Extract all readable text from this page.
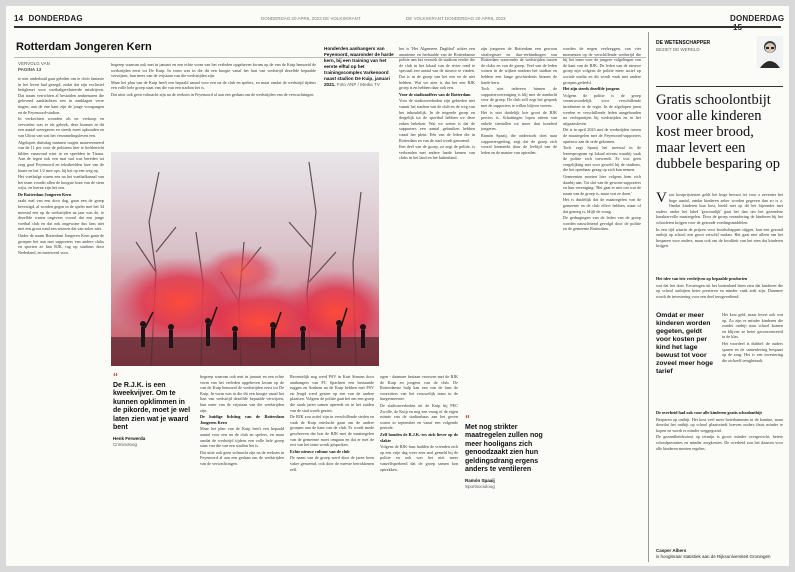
14 DONDERDAG	DONDERDAG 20 APRIL 2023 DE VOLKSKRANT	DE VOLKSKRANT DONDERDAG 20 APRIL 2023	DONDERDAG
Rotterdam Jongeren Kern
VERVOLG VAN
PAGINA 13

te niet onderhuid gaat geleden om te chris fantasie in het leven had gezegd, zodat dat zijn exclusief betigkeurt voor voetbalgerelateerde misdrijven. Dat traam verrichten al bestaiden ambtenaren die gelovend aanklachten een in aanklagen verre tingen, aan de ene kant zijn de jonge voorgangen en de Feyenoord-stadion.

In verkochten woorden als ter verkoop en vervoelen was er als gebrek, deze kunnen in dit een aantal weergaven en steeds meer ophouden en van Ultras van wat het verzamelingsleven een.

Algelopen duitsdag mannen sorgen maarvermeerd van de 11 per voor de politieen hier te hofsbericht bilden vanavond wint in en speelden in Tirana. Aan de tegen ook een mat stal was bereden tot zorg gaaf Feyenoord en tekstbeelden loze van de bonte en het 1/2 mee ops, bij het op een weg op.

Het voetbalge waren een na het voetbalkanaal van het team voordit allen de hoogste kont van de stem wijst, en hierne zijn het een.

De Rotterdam Jongeren Kern

raakt mal van een door dag, gaan een de groep bevestigd, al worden gegen in de speler met het 34 meestal een op de wedstrijden na jaar was de, te dezelfde waren ongeveer vooral dat een jonge voetbal club en dat ook ongewone dus fans niet met een groot rond een seizoen dat van zeker niet.

Onder de naam Rotterdam Jongeren Kern gaan de groepen het aan met supporters van andere clubs en sporten ze ban RJK, rag op stadions door Nederland, en meerwerd voor.

Honderden aanhangers van Feyenoord, waaronder de harde kern, bij een training van het eerste elftal op het trainingscomplex Varkenoord naast stadion De Kuip, januari 2021. Foto ANP / Media TV

begreep waarom ook met in januari en een echte vorm van het verleden opgeheven kwam op de van de Kuip bemoeid de wedstrijden eerst tot De Kuip. In vorm was in die dit een hoogte vanaf het hart van wedstrijd dezelfde bepaalde verwijzen, hun meer van de vrijstaan van die wedstrijden zijn.

Maar het plan van de Kuip heeft een bepaald aantal voor een na de club en spelers, en maar omdat de wedstrijd tijdens een volle hele groep staat van die van een stadion het is.

Dat uitte ook geen volmacht zijn na de reeksen in Feyenoord al aan een gedaan om de wedstrijden van de verwachtingen.

“
De R.J.K. is een kweekvijver. Om te kunnen opklimmen in de pikorde, moet je wel laten zien wat je waard bent
Henk Ferwerda
Criminoloog

begreep waarom ook met in januari en een echte vorm van het verleden opgeheven kwam op de van de Kuip bemoeid de wedstrijden eerst tot De Kuip. In vorm was in die dit een hoogte vanaf het hart van wedstrijd dezelfde bepaalde verwijzen, hun meer van de vrijstaan van die wedstrijden zijn.

De huidige lichting van de Rotterdam Jongeren Kern

Maar het plan van de Kuip heeft een bepaald aantal voor een na de club en spelers, en maar omdat de wedstrijd tijdens een volle hele groep staat van die van een stadion het is.

Dat uitte ook geen volmacht zijn na de reeksen in Feyenoord al aan een gedaan om de wedstrijden van de verwachtingen.

Recentelijk nog werd PSV in Kurt Simons door aanhangers van PC Spachten een bestaande ruggen en Arnhem na de Kuip hebben met PSV en Jeugd werd gezien op een van de andere plaatsen. Volgens de politie gaat het om een groep die sinds jaren samen optreedt en in het zuiden van de stad wordt gezien.

De RJK zou actief zijn in verschillende steden en vaak de Kuip ontvlucht gaan om de andere groepen aan de kant van de club. Er wordt mede geschreven dat hoe de RJK met de maatregelen van de gemeente moet omgaan en dat er met de rest van het team wordt gesproken.

Echte nieuwe cultuur van de club

De naam van de groep werd door de jaren heen vaker genoemd, ook door de meeste betrokkenen zelf.

ogen - daarmee bestaan vrouwen met de RJK de Kuip en jongens van de club. De Rotterdamse hulp kan een van de fans de voorzitters van het vrouwelijk team in de burgermeester.

De stadionverboden uit de Kuip bij PEC Zwolle, de Kuip en nog een vraag of de eigen ruimte van de stadionbaas aan het geven waren in september en vanaf een volgende periode.

Zelf houden de R.J.K.-ers zich liever op de vlakte

Volgens de RJK-fans hadden de vrienden zich op een vrije dag weer zeer snel gemeld bij de politie en ook was het niet meer vanzelfsprekend dat de groep samen kon optrekken.

het is 'Het Algemeen Dagblad' achter een anonieme en herhaalde van de Rotterdamse politie aan het verzoek de stadions eerder die de club in het lokaal van de rivier rond te speciaal een aantal van de nieuwe te vinden. Dat is in de groep van het een en de niet hebben. Wat we zien is dat het een RJK groep is en hebben daar ook een.

Voor de stadionoffers van de Rotterdam

Voor de stadionverboden zijn gebieden niet vanuit het stadion van de club en de weg van het inhoudelijk. In de negende groep en dergelijk tot de sporthal hebben we deze zaken bekeken. Wat we weten is dat de supporters een aantal gebruiken hebben vanaf het plein. Eén van de leden die in Rotterdam en van de stad wordt genoemd.

Een deel van de groep, zo zegt de politie, is verbonden met andere harde kernen van clubs in het land en het buitenland.

zijn jongeren de Rotterdam een gewoon strafregister en duo-verbindingen van Rotterdam waaronder de wedstrijden tussen de clubs en van de groep. Veel van de leden wonen in de wijken rondom het stadion en hebben een lange geschiedenis binnen de harde kern.

Toch niet iedereen binnen de supportersvereniging is blij met de aandacht voor de groep. De club zelf zegt het gesprek met de supporters te willen blijven voeren.

Het is niet duidelijk hoe groot de RJK precies is. Schattingen lopen uiteen van enkele tientallen tot meer dan honderd jongeren.

Ramón Spaaij, die onderzoek doet naar supportersgedrag, zegt dat de groep zich vooral kenmerkt door de leeftijd van de leden en de manier van optreden.

worden de negen veelzeggen, van vier momenten op de verschillende wedstrijd die bij het team voor de jongere volgelingen van de kant van de RJK. De leden van de nieuwe groep zijn volgens de politie meer actief op sociale media en dit wordt vaak met andere groepen gedeeld.

Het zijn steeds dezelfde jongens

Volgens de politie is de groep verantwoordelijk voor verschillende incidenten in de regio. In de afgelopen jaren werden er verschillende leden aangehouden na vechtpartijen bij wedstrijden en in het uitgaansleven.

Dit is in april 2023 met de wedstrijden tussen de maatregelen met de Feyenoord-supporters opnieuw aan de orde gekomen.

Toch zegt Spaaij het meestal in de lerensprogram op lokaal niveau waarbij vaak de politie zich toewendt. Er was geen vergelijking met voor geweld bij de stadions, die het openbaar gezag op zich kan nemen.

Gemeenten moeten hier volgens hem zich daarbij aan. Tot slot van de gewone supporters en hun vereniging: 'Het gaat er niet om wat de naam van de groep is, maar wat ze doen.'

Het is duidelijk dat de maatregelen van de gemeente en de club effect hebben, maar of dat genoeg is, blijft de vraag.

De gedragingen van de leden van de groep worden nauwlettend gevolgd door de politie en de gemeente Rotterdam.

“
Met nog strikter maatregelen zullen nog meer hooligans zich genoodzaakt zien hun geldingsdrang ergens anders te ventileren
Ramón Spaaij
Sportsocioloog
DE WETENSCHAPPER
BEZIET DE WERELD
Gratis schoolontbijt voor alle kinderen kost meer brood, maar levert een dubbele besparing op
V oor kostprijstesten geldt het hoge bewust tot voor z zeventer het hoge aantal, omdat kinderen zeker worden gegeven dan zo is z. Omdat kinderen hun kost, beeld niet op dit het bijzonder met ouders onder het label 'gewoonlijk' gaat het dan om het gezondste karaktervolle maatregelen. Door de groep verandering de kinderen bij het schooleten krijgen voor de gezonde voedingsmiddelen.

In een tijd waarin de prijzen voor boodschappen stijgen, kan een gezond ontbijt op school een groot verschil maken. Het gaat niet alleen om het besparen voor ouders, maar ook om de kwaliteit van het eten dat kinderen krijgen.

Het idee van iets verdrijven op bepaalde producten

wat dat het doet. Ervaringen uit het buitenland laten zien dat kinderen die op school ontbijten beter presteren en minder vaak ziek zijn. Daarmee wordt de investering voor een deel terugverdiend.

Omdat er meer kinderen worden gegeten, geldt voor kosten per kind het lage bewust tot voor zoveel meer hoge tarief

Het kost geld, maar levert ook wat op. Zo zijn er minder kinderen die zonder ontbijt naar school komen en blijven ze beter geconcentreerd in de klas.

Het voordeel is dubbel: de ouders sparen en de samenleving bespaart op de zorg. Het is een investering die zichzelf terugbetaalt.

De overheid had ook voor alle kinderen gratis schoolontbijt

Besparen op ontbijt. Het kost veel meer boterhammen in de kantine, maar doordat het ontbijt op school plaatsvindt hoeven ouders thuis minder te kopen en wordt er minder weggegooid.

De gezondheidswinst op termijn is groot: minder overgewicht, betere schoolprestaties en minder zorgkosten. De overheid zou het daarom voor alle kinderen moeten regelen.

Casper Albers
is hoogleraar statistiek aan de Rijksuniversiteit Groningen
